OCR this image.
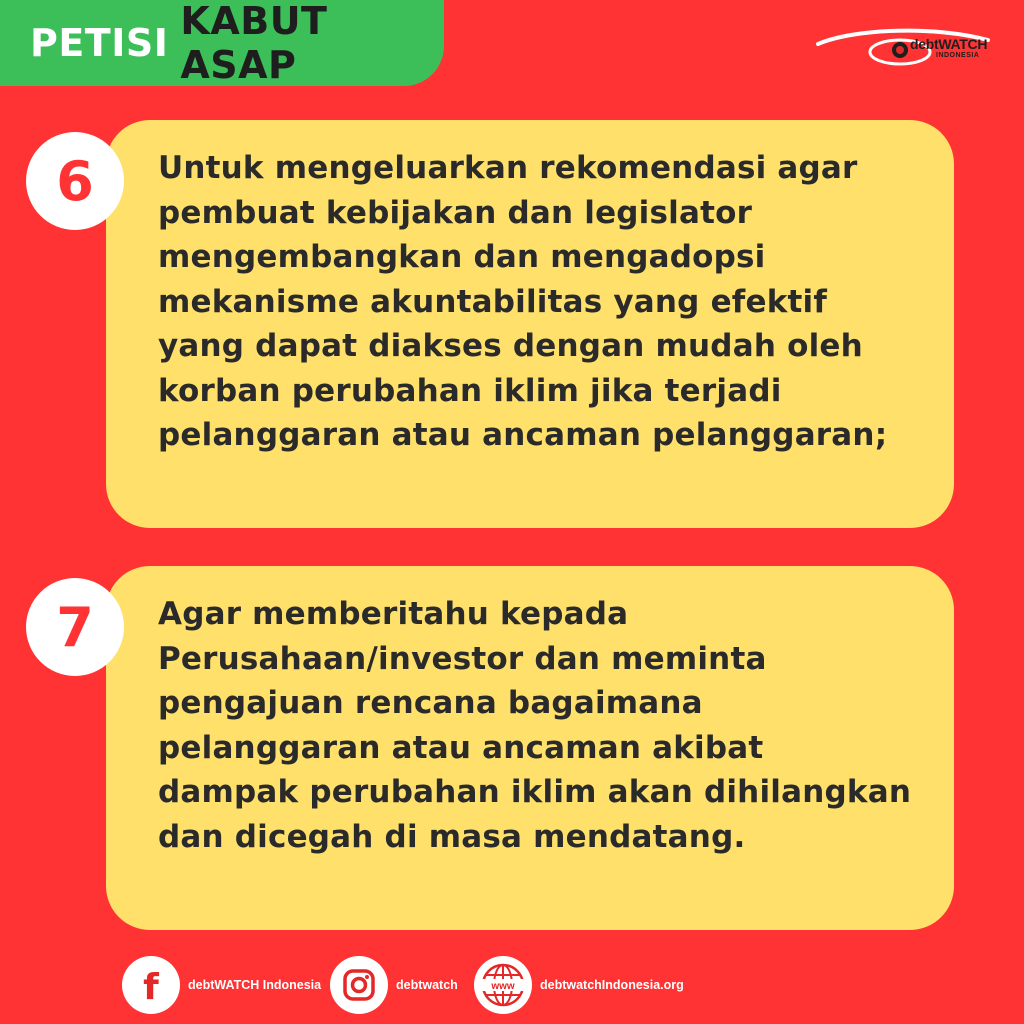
PETISI KABUT ASAP	debtWATCH
INDONESIA

Untuk mengeluarkan rekomendasi agar pembuat kebijakan dan legislator mengembangkan dan mengadopsi mekanisme akuntabilitas yang efektif yang dapat diakses dengan mudah oleh korban perubahan iklim jika terjadi pelanggaran atau ancaman pelanggaran;

6

Agar memberitahu kepada Perusahaan/investor dan meminta pengajuan rencana bagaimana pelanggaran atau ancaman akibat dampak perubahan iklim akan dihilangkan dan dicegah di masa mendatang.

7
f debtWATCH Indonesia	debtwatch	www debtwatchIndonesia.org
